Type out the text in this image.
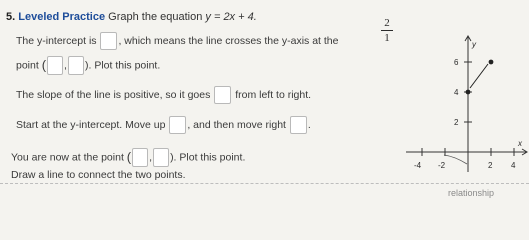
5. Leveled Practice Graph the equation y = 2x + 4.	2
1
The y-intercept is , which means the line crosses the y-axis at the
point ( , ). Plot this point.
The slope of the line is positive, so it goes from left to right.
Start at the y-intercept. Move up , and then move right .
You are now at the point ( , ). Plot this point.
Draw a line to connect the two points.
y
x
6
4
2
-4 -2	2 4
relationship
